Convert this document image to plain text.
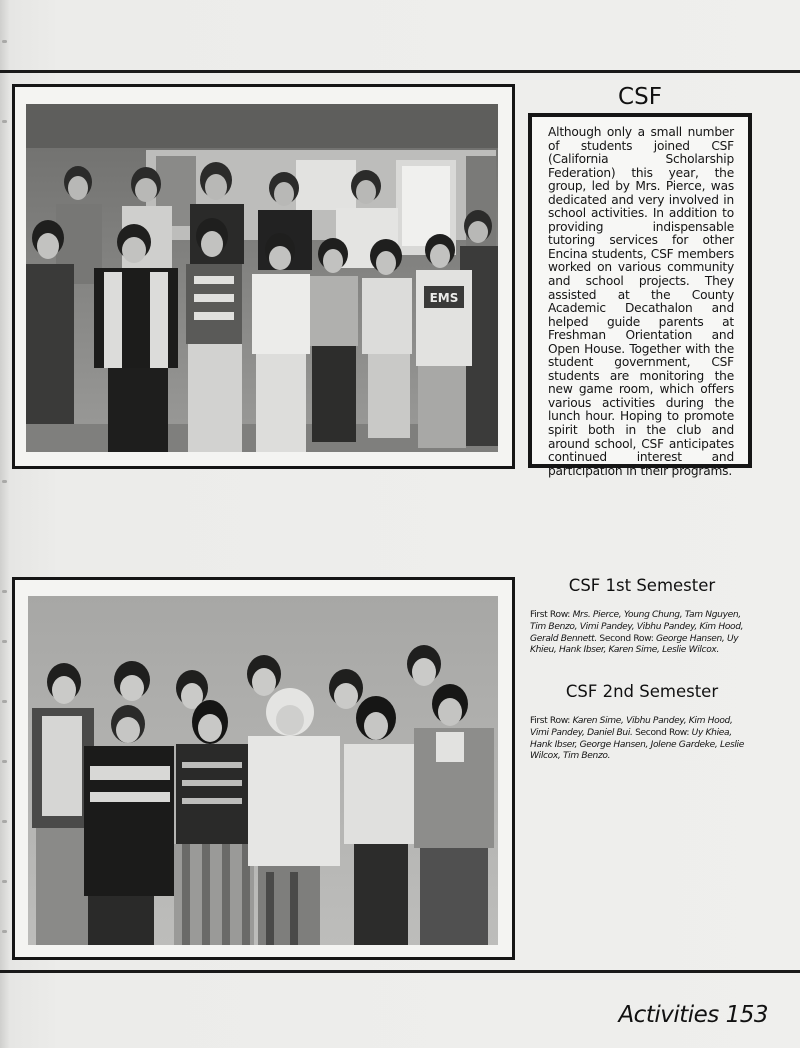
EMS
CSF

Although only a small number of students joined CSF (California Scholarship Federation) this year, the group, led by Mrs. Pierce, was dedicated and very involved in school activities. In addition to providing indispensable tutoring services for other Encina students, CSF members worked on various community and school projects. They assisted at the County Academic Decathalon and helped guide parents at Freshman Orientation and Open House. Together with the student government, CSF students are monitoring the new game room, which offers various activities during the lunch hour. Hoping to promote spirit both in the club and around school, CSF anticipates continued interest and participation in their programs.

CSF 1st Semester

First Row: Mrs. Pierce, Young Chung, Tam Nguyen, Tim Benzo, Vimi Pandey, Vibhu Pandey, Kim Hood, Gerald Bennett. Second Row: George Hansen, Uy Khieu, Hank Ibser, Karen Sime, Leslie Wilcox.

CSF 2nd Semester

First Row: Karen Sime, Vibhu Pandey, Kim Hood, Vimi Pandey, Daniel Bui. Second Row: Uy Khiea, Hank Ibser, George Hansen, Jolene Gardeke, Leslie Wilcox, Tim Benzo.

Activities 153
